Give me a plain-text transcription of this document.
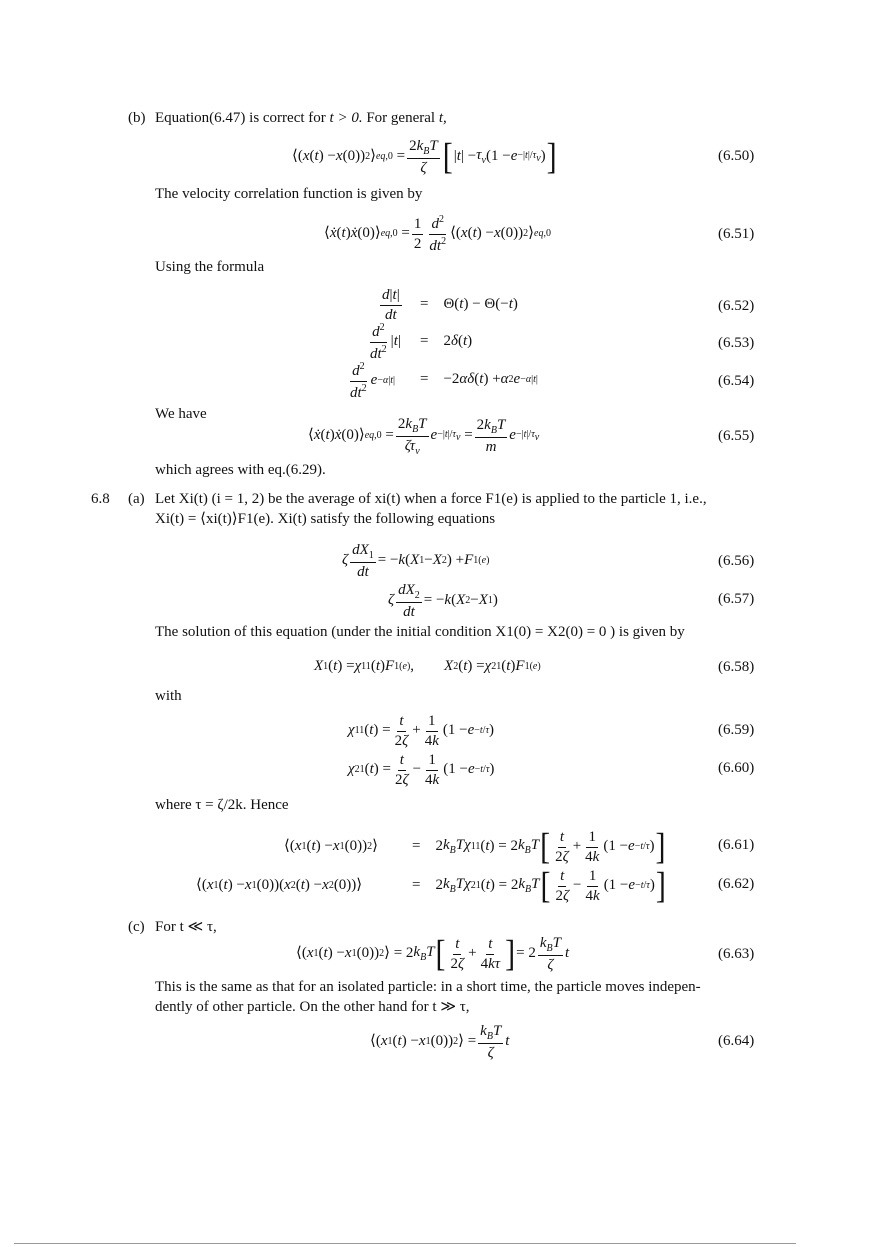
(b) Equation(6.47) is correct for t > 0. For general t,
⟨( x ( t ) − x (0)) 2 ⟩ $eq,0 = \frac{2k_BT}{\zeta}$ [ | t | − $\tau_v$ ($1 - e -|t|/\tau_v$ ) ]	(6.50)
The velocity correlation function is given by
⟨ ẋ ( t ) ẋ (0)⟩ $eq,0 = \frac{1}{2} \frac{d^2}{dt^2}$ ⟨( x ( t ) − x (0)) 2 ⟩ eq,0	(6.51)
Using the formula
$\frac{d|t|}{dt}$ =    Θ( t ) − Θ(− t )	(6.52)
$\frac{d^2}{dt^2}$ | t | =    2 δ ( t )	(6.53)
$\frac{d^2}{dt^2}$ e −α|t| =    −2 αδ ( t ) + α 2 e −α|t|	(6.54)
We have
⟨ ẋ ( t ) ẋ (0)⟩ $eq,0 = \frac{2k_BT}{\zeta\tau_v}$ $e -|t|/\tau_v = \frac{2k_BT}{m}$ $e -|t|/\tau_v$	(6.55)
which agrees with eq.(6.29).
6.8 (a) Let Xi(t) (i = 1, 2) be the average of xi(t) when a force F1(e) is applied to the particle 1, i.e.,
Xi(t) = ⟨xi(t)⟩F1(e). Xi(t) satisfy the following equations
ζ $\frac{dX_1}{dt}$ = − k ( X 1 − X 2 ) + F 1 (e)	(6.56)
ζ $\frac{dX_2}{dt}$ = − k ( X 2 − X 1 )	(6.57)
The solution of this equation (under the initial condition X1(0) = X2(0) = 0 ) is given by
X 1 ( t ) = χ 11 ( t ) F 1 (e) , X 2 ( t ) = χ 21 ( t ) F 1 (e)	(6.58)
with
χ 11 ( t ) = $\frac{t}{2\zeta} + \frac{1}{4k} (1 - e -t/\tau$ )	(6.59)
χ 21 ( t ) = $\frac{t}{2\zeta} - \frac{1}{4k} (1 - e -t/\tau$ )	(6.60)
where τ = ζ/2k. Hence
⟨( x 1 ( t ) − x 1 (0)) 2 ⟩ =    2 $k_BT\chi$ 11 ( t ) = 2 $k_BT$ [ $\frac{t}{2\zeta} + \frac{1}{4k} (1 - e -t/\tau$ ) ]	(6.61)
⟨( x 1 ( t ) − x 1 (0))( x 2 ( t ) − x 2 (0))⟩	=    2 $k_BT\chi$ 21 ( t ) = 2 $k_BT$ [ $\frac{t}{2\zeta} - \frac{1}{4k} (1 - e -t/\tau$ ) ]	(6.62)
(c) For t ≪ τ,
⟨( x 1 ( t ) − x 1 (0)) 2 ⟩ = 2 $k_BT$ [ $\frac{t}{2\zeta} + \frac{t}{4k\tau}$ ] = $2 \frac{k_BT}{\zeta}$ t	(6.63)
This is the same as that for an isolated particle: in a short time, the particle moves indepen-
dently of other particle. On the other hand for t ≫ τ,
⟨( x 1 ( t ) − x 1 (0)) 2 ⟩ = $\frac{k_BT}{\zeta}$ t	(6.64)
